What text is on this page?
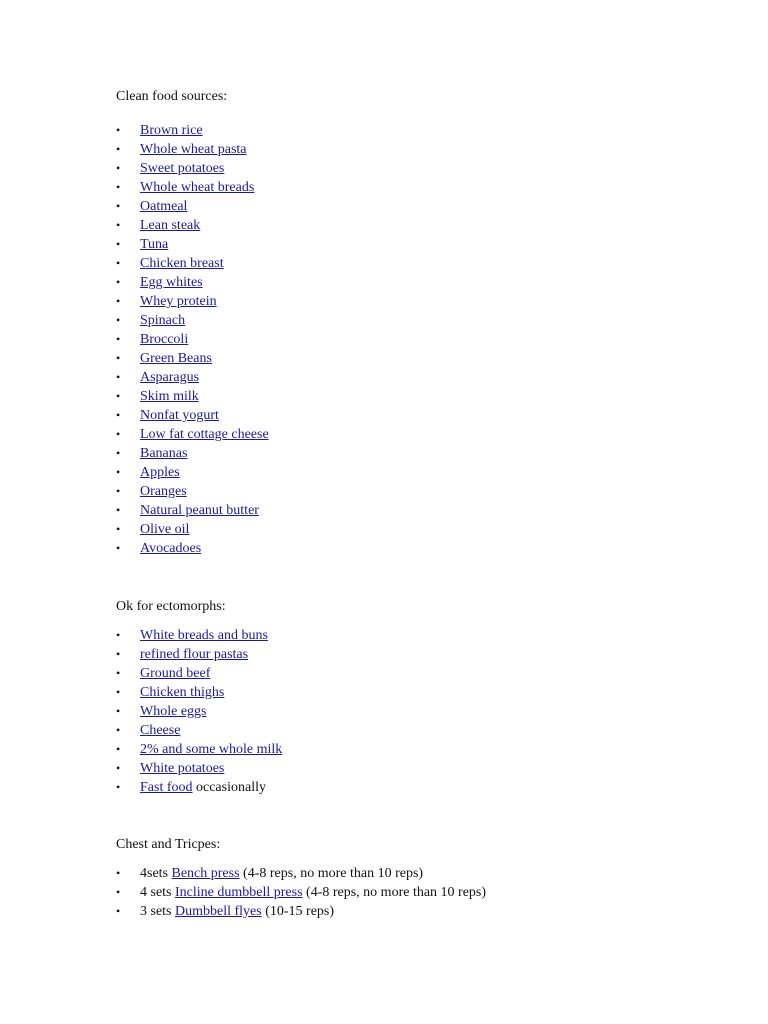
Clean food sources:

•	Brown rice
•	Whole wheat pasta
•	Sweet potatoes
•	Whole wheat breads
•	Oatmeal
•	Lean steak
•	Tuna
•	Chicken breast
•	Egg whites
•	Whey protein
•	Spinach
•	Broccoli
•	Green Beans
•	Asparagus
•	Skim milk
•	Nonfat yogurt
•	Low fat cottage cheese
•	Bananas
•	Apples
•	Oranges
•	Natural peanut butter
•	Olive oil
•	Avocadoes

Ok for ectomorphs:

•	White breads and buns
•	refined flour pastas
•	Ground beef
•	Chicken thighs
•	Whole eggs
•	Cheese
•	2% and some whole milk
•	White potatoes
•	Fast food occasionally

Chest and Tricpes:

•	4sets Bench press (4-8 reps, no more than 10 reps)
•	4 sets Incline dumbbell press (4-8 reps, no more than 10 reps)
•	3 sets Dumbbell flyes (10-15 reps)
